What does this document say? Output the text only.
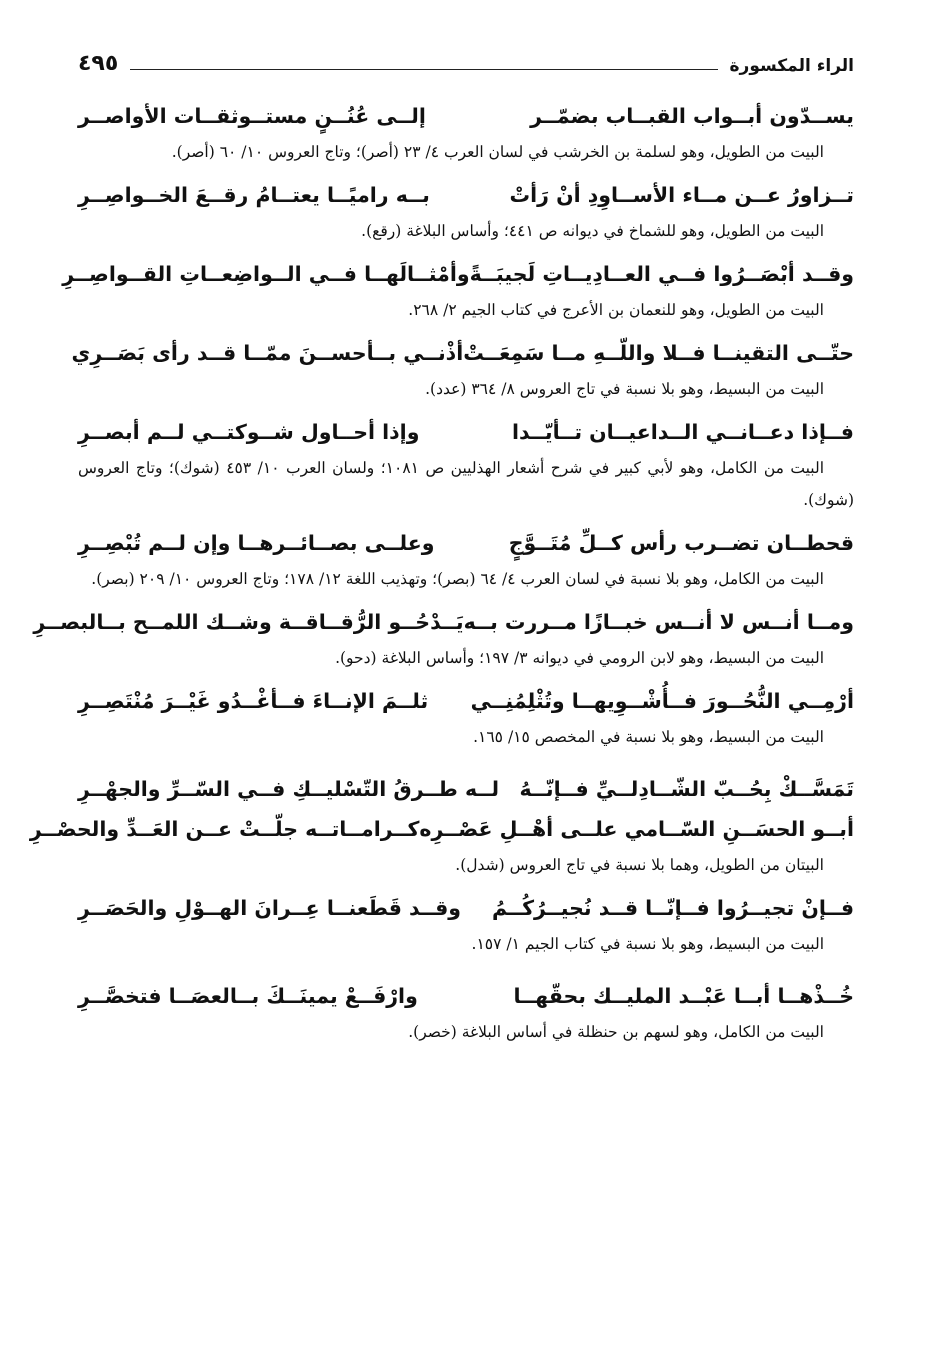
الراء المكسورة
٤٩٥
يســدّون أبــواب القبــاب بضمّــر
إلــى عُنُــنٍ مستــوثقــات الأواصــر
البيت من الطويل، وهو لسلمة بن الخرشب في لسان العرب ٤/ ٢٣ (أصر)؛ وتاج العروس ١٠/ ٦٠ (أصر).
تــزاورُ عــن مــاء الأســاوِدِ أنْ رَأتْ
بــه راميًــا يعتــامُ رقــعَ الخــواصِــرِ
البيت من الطويل، وهو للشماخ في ديوانه ص ٤٤١؛ وأساس البلاغة (رقع).
وقــد أبْصَــرُوا فــي العــادِيــاتِ لَجيبَــةً
وأمْثــالَهــا فــي الــواضِعــاتِ القــواصِــرِ
البيت من الطويل، وهو للنعمان بن الأعرج في كتاب الجيم ٢/ ٢٦٨.
حتّــى التقينــا فــلا واللّــهِ مــا سَمِعَــتْ
أذْنــي بــأحســنَ ممّــا قــد رأى بَصَــرِي
البيت من البسيط، وهو بلا نسبة في تاج العروس ٨/ ٣٦٤ (عدد).
فــإذا دعــانــي الــداعيــان تــأيّــدا
وإذا أحــاول شــوكتــي لــم أبصــرِ
البيت من الكامل، وهو لأبي كبير في شرح أشعار الهذليين ص ١٠٨١؛ ولسان العرب ١٠/ ٤٥٣ (شوك)؛ وتاج العروس (شوك).
قحطــان تضــرب رأس كــلِّ مُتَــوَّجٍ
وعلــى بصــائــرهــا وإن لــم تُبْصِــرِ
البيت من الكامل، وهو بلا نسبة في لسان العرب ٤/ ٦٤ (بصر)؛ وتهذيب اللغة ١٢/ ١٧٨؛ وتاج العروس ١٠/ ٢٠٩ (بصر).
ومــا أنــس لا أنــس خبــازًا مــررت بــه
يَــدْحُــو الرُّقــاقــة وشــك اللمــح بــالبصــرِ
البيت من البسيط، وهو لابن الرومي في ديوانه ٣/ ١٩٧؛ وأساس البلاغة (دحو).
أرْمِــي النُّحُــورَ فــأُشْــوِيهــا وتُثْلِمُنِــي
ثلــمَ الإنــاءَ فــأغْــدُو غَيْــرَ مُنْتَصِــرِ
البيت من البسيط، وهو بلا نسبة في المخصص ١٥/ ١٦٥.
تَمَسَّــكْ بِحُــبّ الشّــادِلــيِّ فــإنّــهُ
لــه طــرقُ التّسْليــكِ فــي السّــرِّ والجهْــرِ
أبــو الحسَــنِ السّــامي علــى أهْــلِ عَصْــرِه
كــرامــاتــه جلّــتْ عــن العَــدِّ والحصْــرِ
البيتان من الطويل، وهما بلا نسبة في تاج العروس (شدل).
فــإنْ تجيــرُوا فــإنّــا قــد نُجيــرُكُــمُ
وقــد قَطَعنــا عِــرانَ الهــوْلِ والحَصَــرِ
البيت من البسيط، وهو بلا نسبة في كتاب الجيم ١/ ١٥٧.
خُــذْهــا أبــا عَبْــد المليــك بحقّهــا
وارْفَــعْ يمينَــكَ بــالعصَــا فتخصَّــرِ
البيت من الكامل، وهو لسهم بن حنظلة في أساس البلاغة (خصر).
